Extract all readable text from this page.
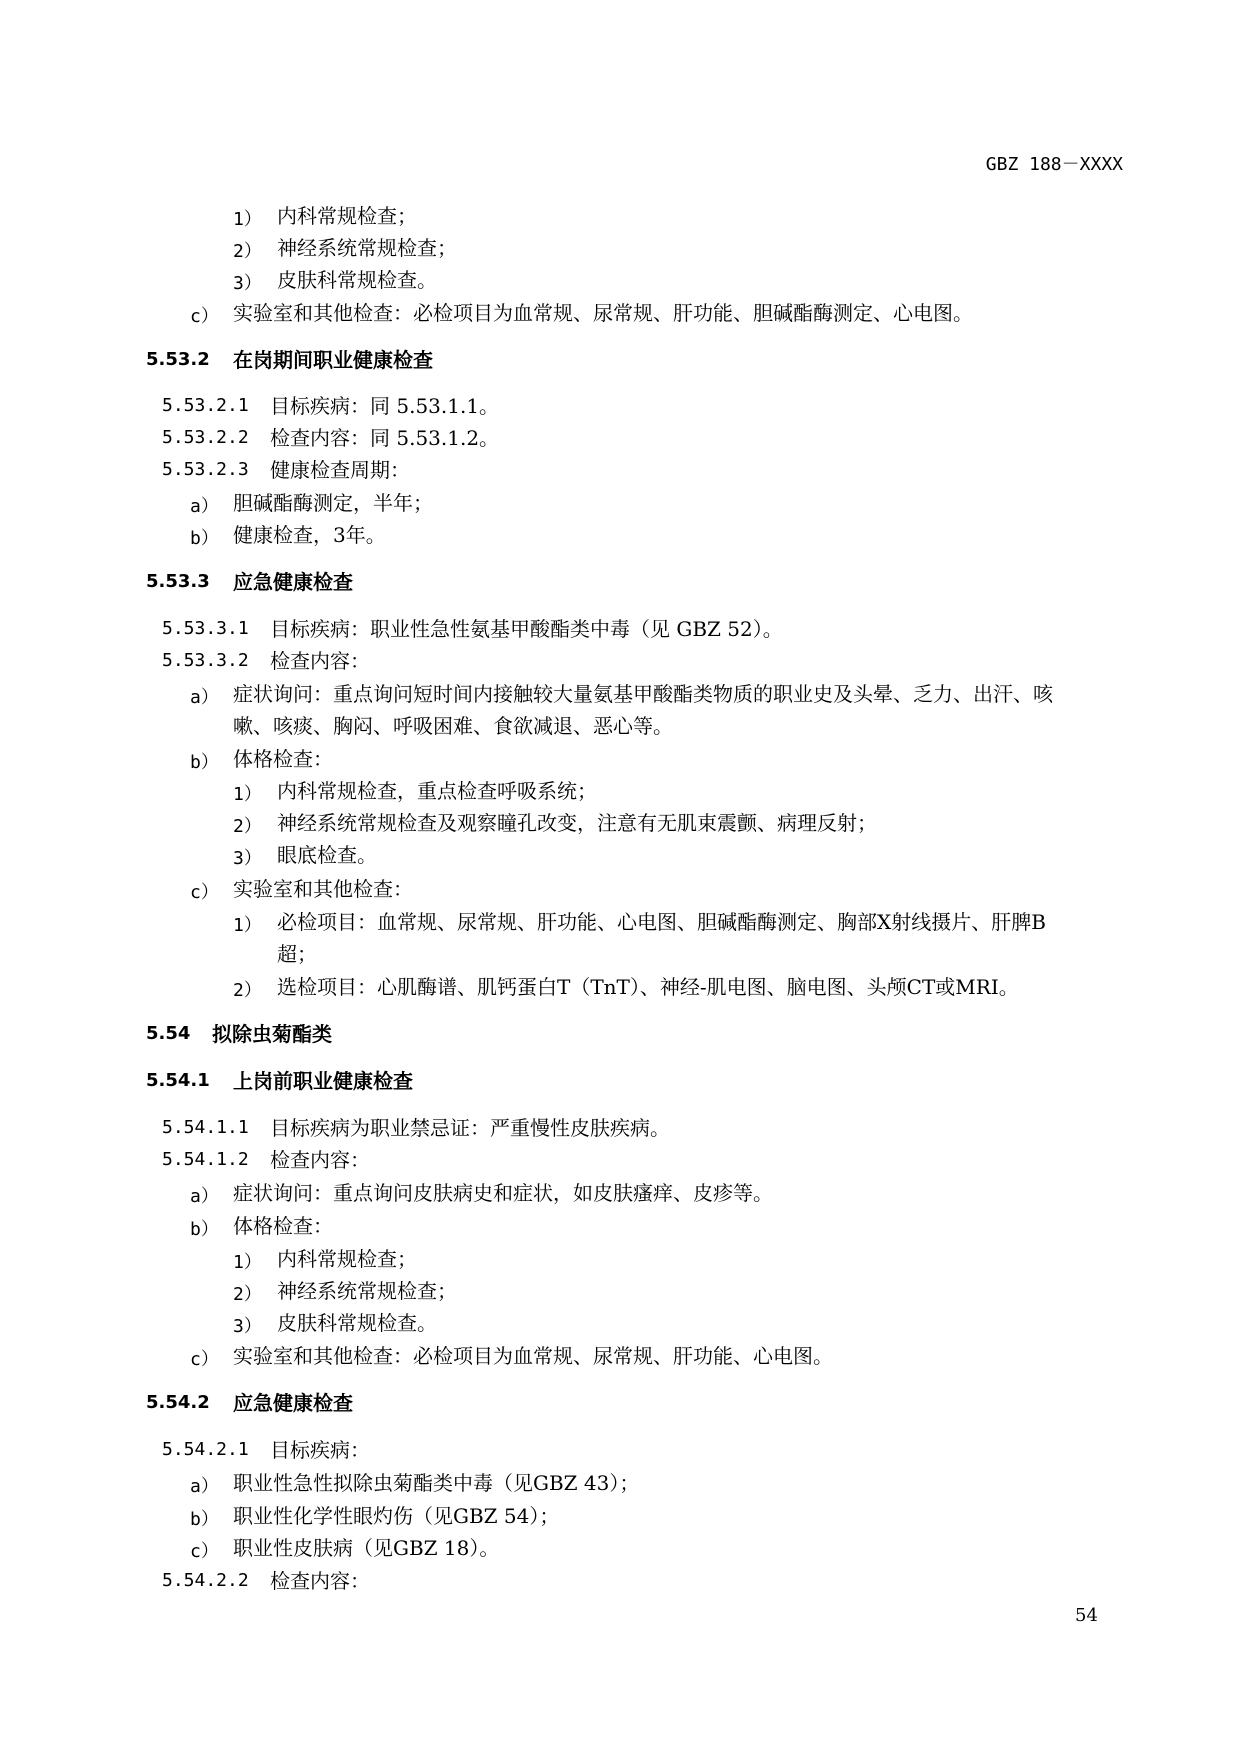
GBZ 188－XXXX
1） 内科常规检查；
2） 神经系统常规检查；
3） 皮肤科常规检查。
c） 实验室和其他检查：必检项目为血常规、尿常规、肝功能、胆碱酯酶测定、心电图。
5.53.2 在岗期间职业健康检查
5.53.2.1 目标疾病：同 5.53.1.1。
5.53.2.2 检查内容：同 5.53.1.2。
5.53.2.3 健康检查周期：
a） 胆碱酯酶测定，半年；
b） 健康检查，3年。
5.53.3 应急健康检查
5.53.3.1 目标疾病：职业性急性氨基甲酸酯类中毒（见 GBZ 52）。
5.53.3.2 检查内容：
a） 症状询问：重点询问短时间内接触较大量氨基甲酸酯类物质的职业史及头晕、乏力、出汗、咳
嗽、咳痰、胸闷、呼吸困难、食欲减退、恶心等。
b） 体格检查：
1） 内科常规检查，重点检查呼吸系统；
2） 神经系统常规检查及观察瞳孔改变，注意有无肌束震颤、病理反射；
3） 眼底检查。
c） 实验室和其他检查：
1） 必检项目：血常规、尿常规、肝功能、心电图、胆碱酯酶测定、胸部X射线摄片、肝脾B
超；
2） 选检项目：心肌酶谱、肌钙蛋白T（TnT）、神经-肌电图、脑电图、头颅CT或MRI。
5.54 拟除虫菊酯类
5.54.1 上岗前职业健康检查
5.54.1.1 目标疾病为职业禁忌证：严重慢性皮肤疾病。
5.54.1.2 检查内容：
a） 症状询问：重点询问皮肤病史和症状，如皮肤瘙痒、皮疹等。
b） 体格检查：
1） 内科常规检查；
2） 神经系统常规检查；
3） 皮肤科常规检查。
c） 实验室和其他检查：必检项目为血常规、尿常规、肝功能、心电图。
5.54.2 应急健康检查
5.54.2.1 目标疾病：
a） 职业性急性拟除虫菊酯类中毒（见GBZ 43）；
b） 职业性化学性眼灼伤（见GBZ 54）；
c） 职业性皮肤病（见GBZ 18）。
5.54.2.2 检查内容：
54
